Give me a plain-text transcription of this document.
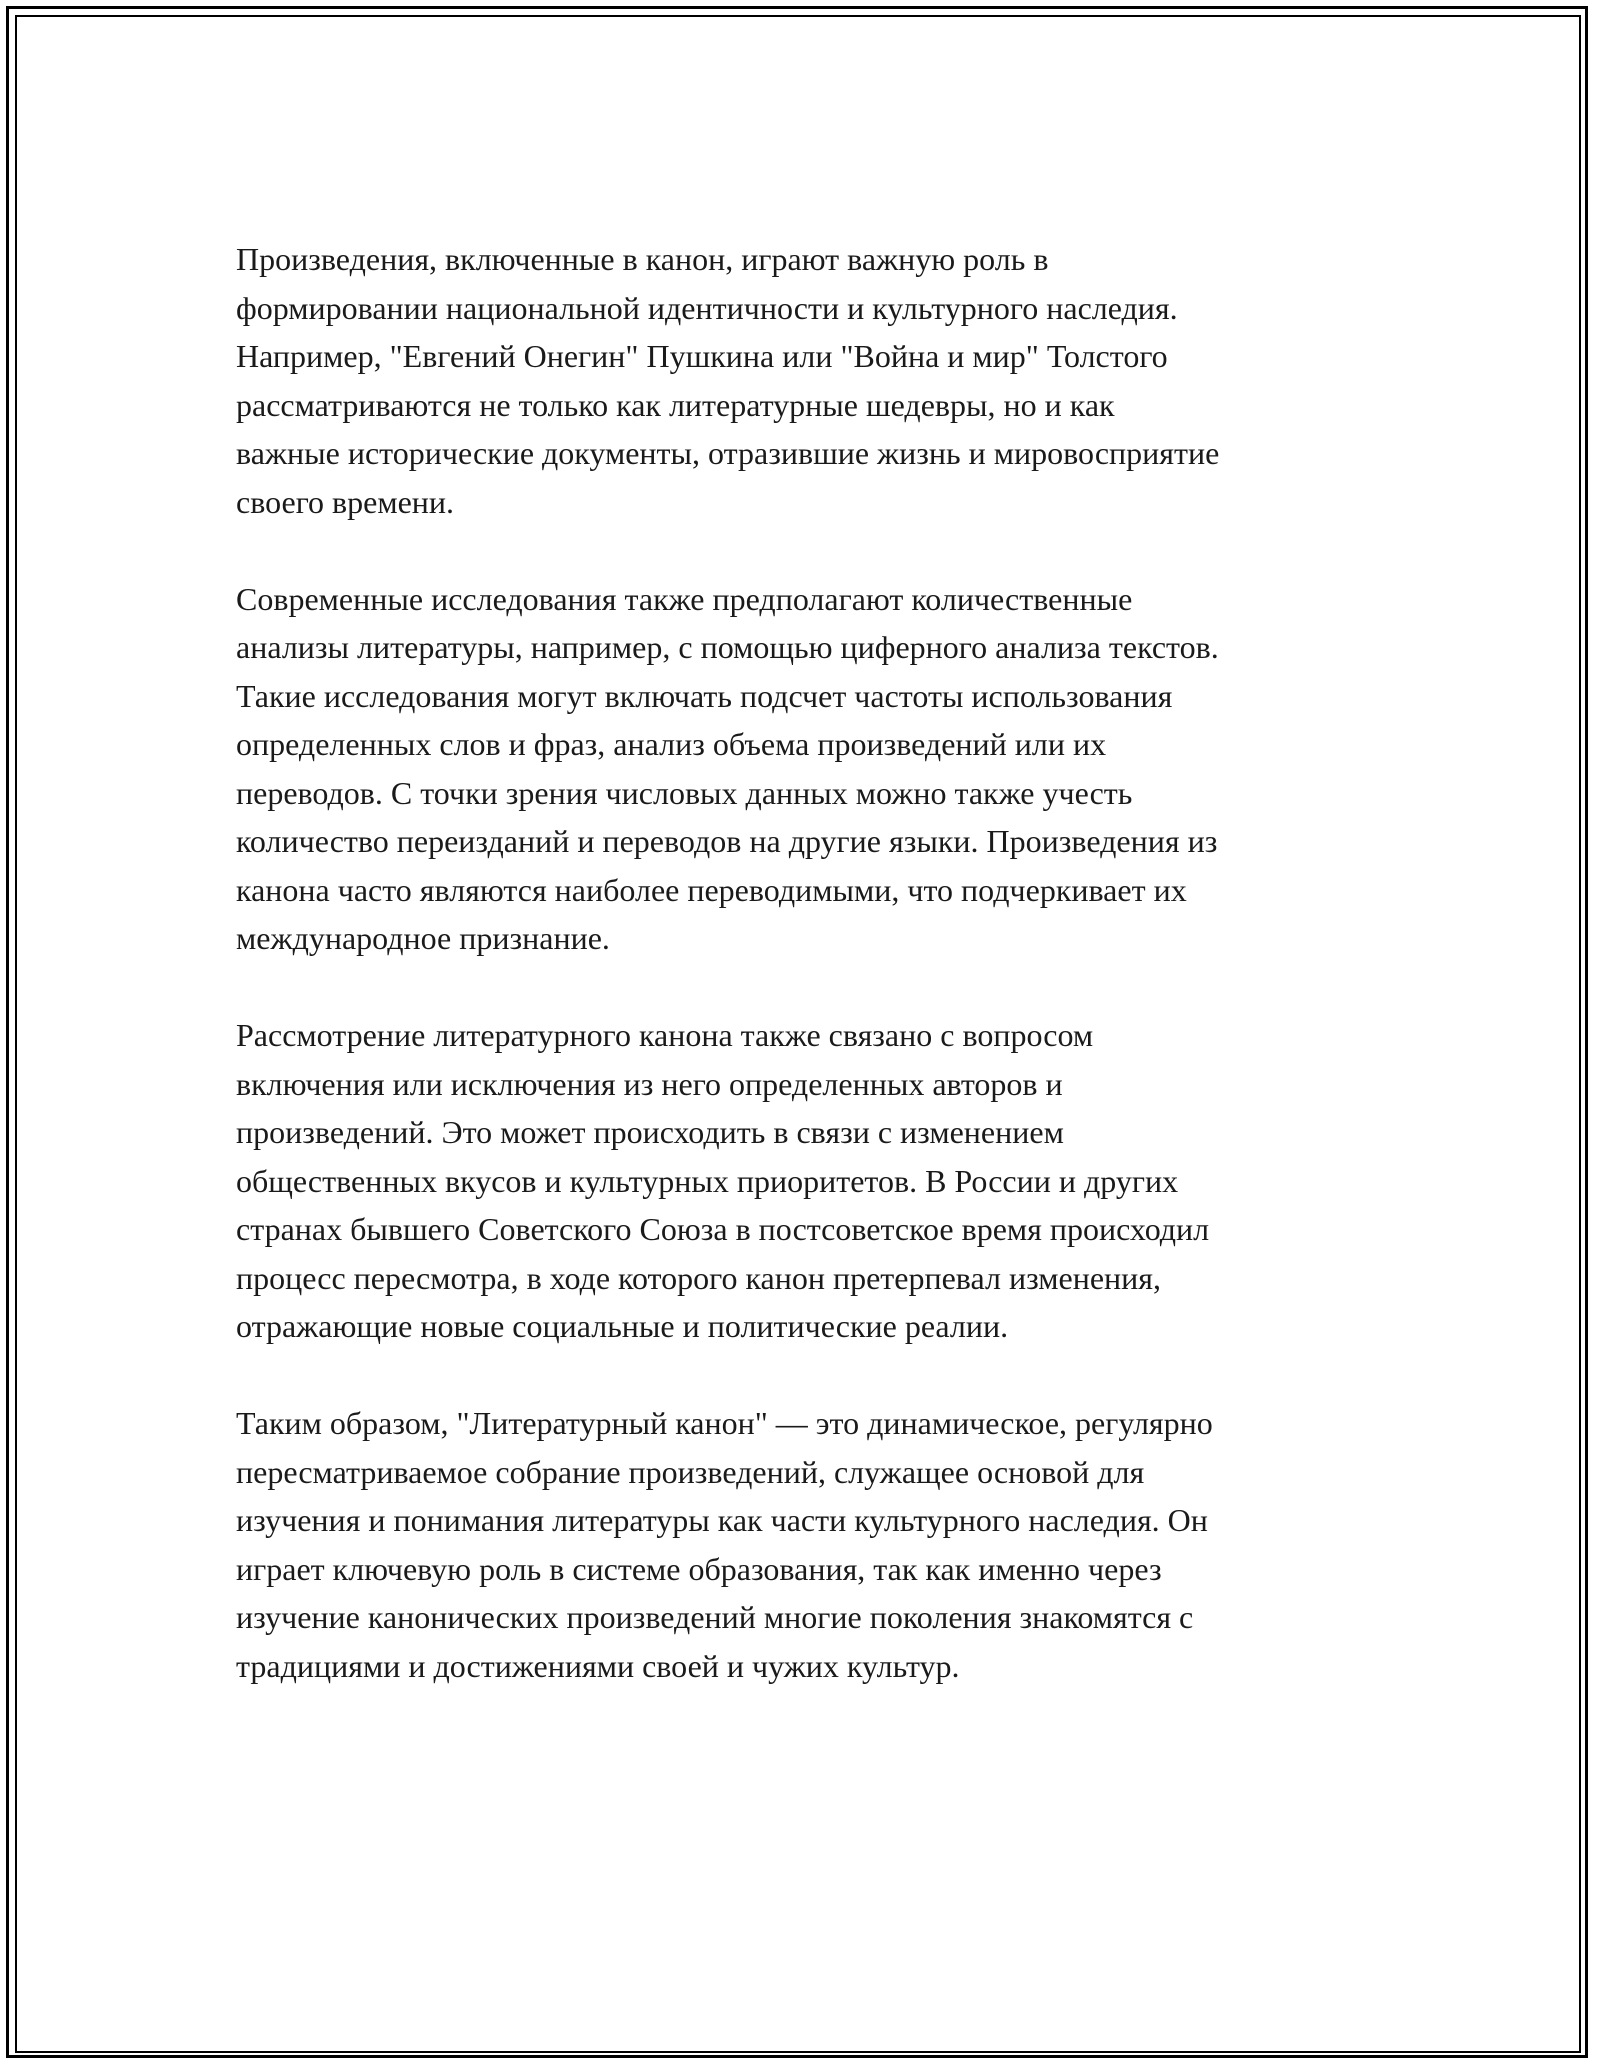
Произведения, включенные в канон, играют важную роль в
формировании национальной идентичности и культурного наследия.
Например, "Евгений Онегин" Пушкина или "Война и мир" Толстого
рассматриваются не только как литературные шедевры, но и как
важные исторические документы, отразившие жизнь и мировосприятие
своего времени.

Современные исследования также предполагают количественные
анализы литературы, например, с помощью циферного анализа текстов.
Такие исследования могут включать подсчет частоты использования
определенных слов и фраз, анализ объема произведений или их
переводов. С точки зрения числовых данных можно также учесть
количество переизданий и переводов на другие языки. Произведения из
канона часто являются наиболее переводимыми, что подчеркивает их
международное признание.

Рассмотрение литературного канона также связано с вопросом
включения или исключения из него определенных авторов и
произведений. Это может происходить в связи с изменением
общественных вкусов и культурных приоритетов. В России и других
странах бывшего Советского Союза в постсоветское время происходил
процесс пересмотра, в ходе которого канон претерпевал изменения,
отражающие новые социальные и политические реалии.

Таким образом, "Литературный канон" — это динамическое, регулярно
пересматриваемое собрание произведений, служащее основой для
изучения и понимания литературы как части культурного наследия. Он
играет ключевую роль в системе образования, так как именно через
изучение канонических произведений многие поколения знакомятся с
традициями и достижениями своей и чужих культур.
